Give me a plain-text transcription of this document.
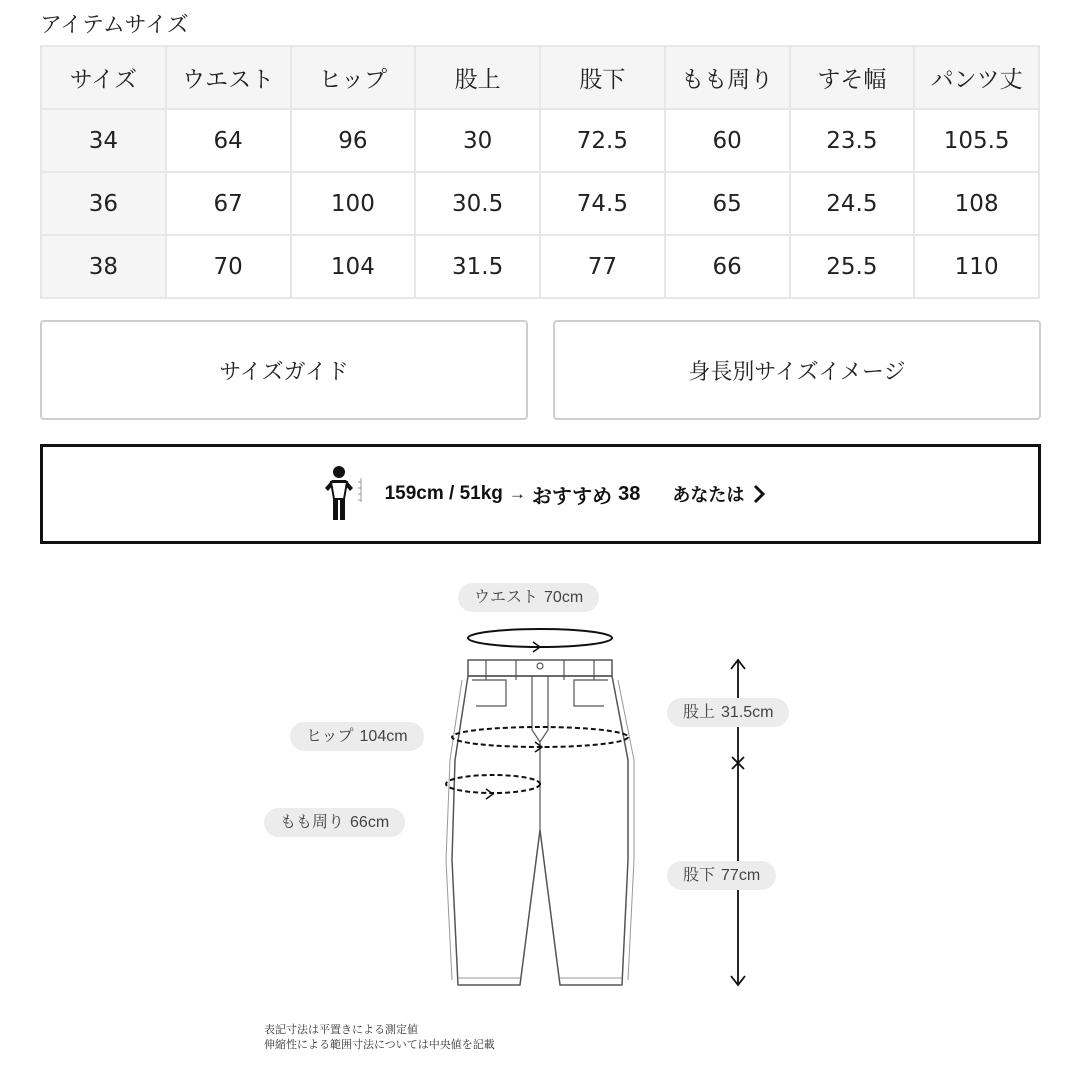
アイテムサイズ
サイズ	ウエスト	ヒップ	股上	股下	もも周り	すそ幅	パンツ丈
34	64	96	30	72.5	60	23.5	105.5
36	67	100	30.5	74.5	65	24.5	108
38	70	104	31.5	77	66	25.5	110
サイズガイド	身長別サイズイメージ
159cm / 51kg → おすすめ 38 あなたは
ウエスト 70cm
ヒップ 104cm
もも周り 66cm
股上 31.5cm
股下 77cm
表記寸法は平置きによる測定値
伸縮性による範囲寸法については中央値を記載
